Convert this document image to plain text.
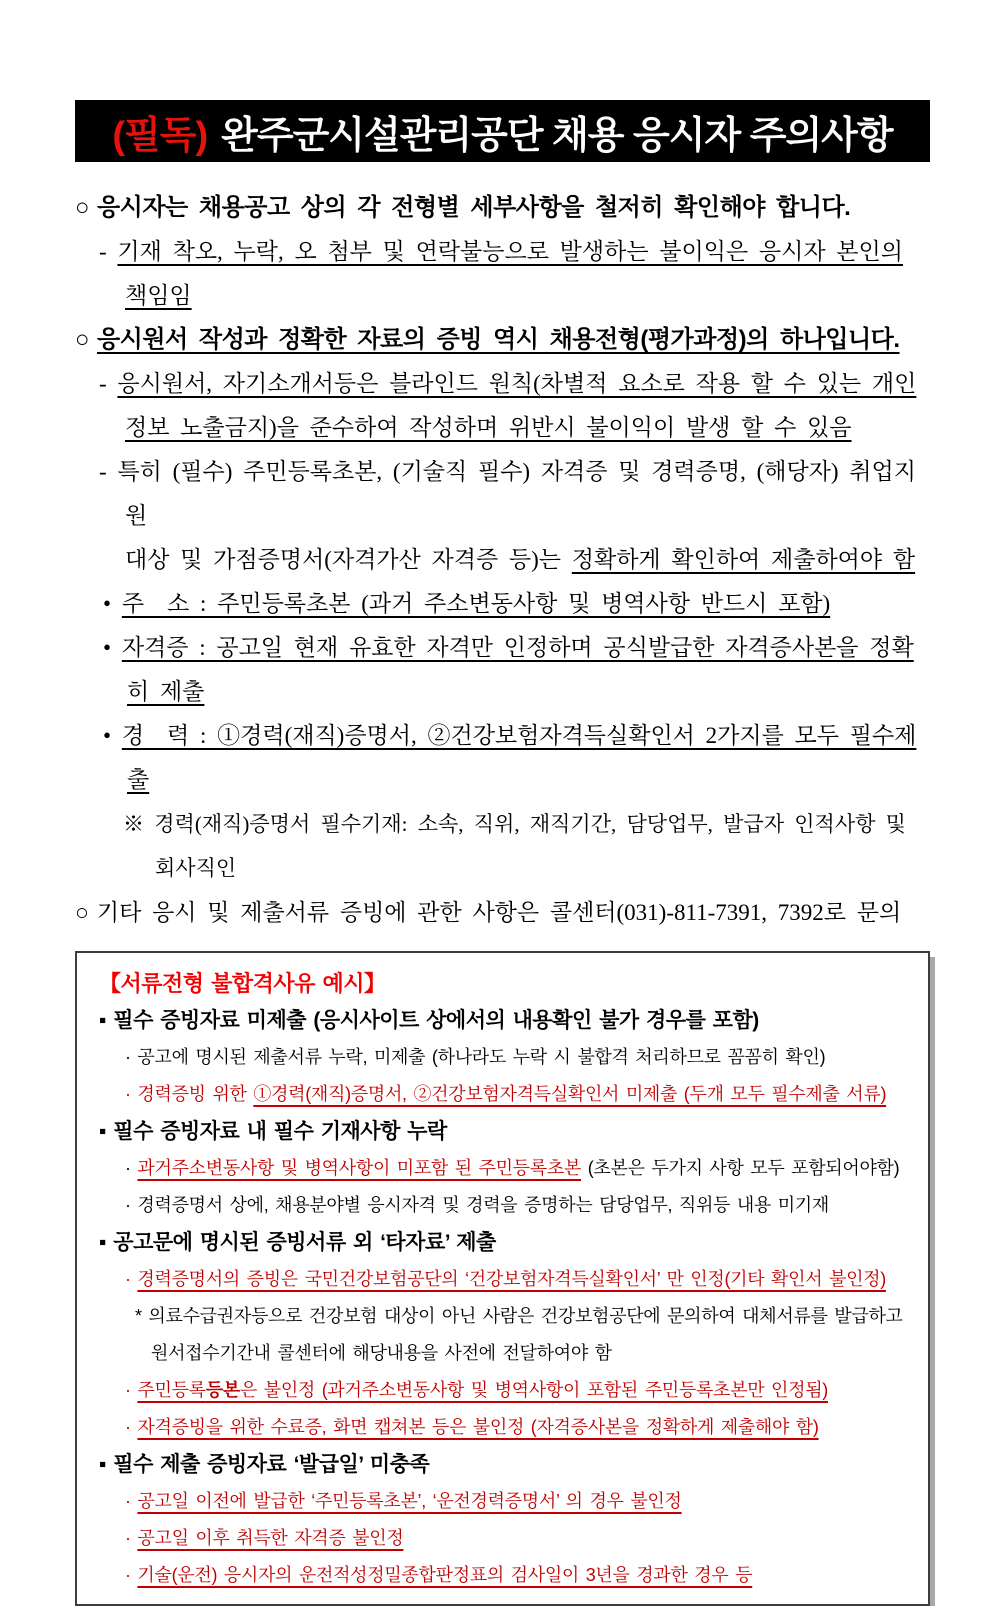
(필독) 완주군시설관리공단 채용 응시자 주의사항
○ 응시자는 채용공고 상의 각 전형별 세부사항을 철저히 확인해야 합니다.
- 기재 착오, 누락, 오 첨부 및 연락불능으로 발생하는 불이익은 응시자 본인의 책임임
○ 응시원서 작성과 정확한 자료의 증빙 역시 채용전형(평가과정)의 하나입니다.
- 응시원서, 자기소개서등은 블라인드 원칙(차별적 요소로 작용 할 수 있는 개인
정보 노출금지)을 준수하여 작성하며 위반시 불이익이 발생 할 수 있음
- 특히 (필수) 주민등록초본, (기술직 필수) 자격증 및 경력증명, (해당자) 취업지원
대상 및 가점증명서(자격가산 자격증 등)는 정확하게 확인하여 제출하여야 함
• 주　소 : 주민등록초본 (과거 주소변동사항 및 병역사항 반드시 포함)
• 자격증 : 공고일 현재 유효한 자격만 인정하며 공식발급한 자격증사본을 정확히 제출
• 경　력 : ①경력(재직)증명서, ②건강보험자격득실확인서 2가지를 모두 필수제출
※ 경력(재직)증명서 필수기재: 소속, 직위, 재직기간, 담당업무, 발급자 인적사항 및 회사직인
○ 기타 응시 및 제출서류 증빙에 관한 사항은 콜센터(031)-811-7391, 7392로 문의
【서류전형 불합격사유 예시】
▪ 필수 증빙자료 미제출 (응시사이트 상에서의 내용확인 불가 경우를 포함)
· 공고에 명시된 제출서류 누락, 미제출 (하나라도 누락 시 불합격 처리하므로 꼼꼼히 확인)
· 경력증빙 위한 ①경력(재직)증명서, ②건강보험자격득실확인서 미제출 (두개 모두 필수제출 서류)
▪ 필수 증빙자료 내 필수 기재사항 누락
· 과거주소변동사항 및 병역사항이 미포함 된 주민등록초본 (초본은 두가지 사항 모두 포함되어야함)
· 경력증명서 상에, 채용분야별 응시자격 및 경력을 증명하는 담당업무, 직위등 내용 미기재
▪ 공고문에 명시된 증빙서류 외 ‘타자료’ 제출
· 경력증명서의 증빙은 국민건강보험공단의 ‘건강보험자격득실확인서’ 만 인정(기타 확인서 불인정)
* 의료수급권자등으로 건강보험 대상이 아닌 사람은 건강보험공단에 문의하여 대체서류를 발급하고
원서접수기간내 콜센터에 해당내용을 사전에 전달하여야 함
· 주민등록등본은 불인정 (과거주소변동사항 및 병역사항이 포함된 주민등록초본만 인정됨)
· 자격증빙을 위한 수료증, 화면 캡쳐본 등은 불인정 (자격증사본을 정확하게 제출해야 함)
▪ 필수 제출 증빙자료 ‘발급일’ 미충족
· 공고일 이전에 발급한 ‘주민등록초본’, ‘운전경력증명서’ 의 경우 불인정
· 공고일 이후 취득한 자격증 불인정
· 기술(운전) 응시자의 운전적성정밀종합판정표의 검사일이 3년을 경과한 경우 등
